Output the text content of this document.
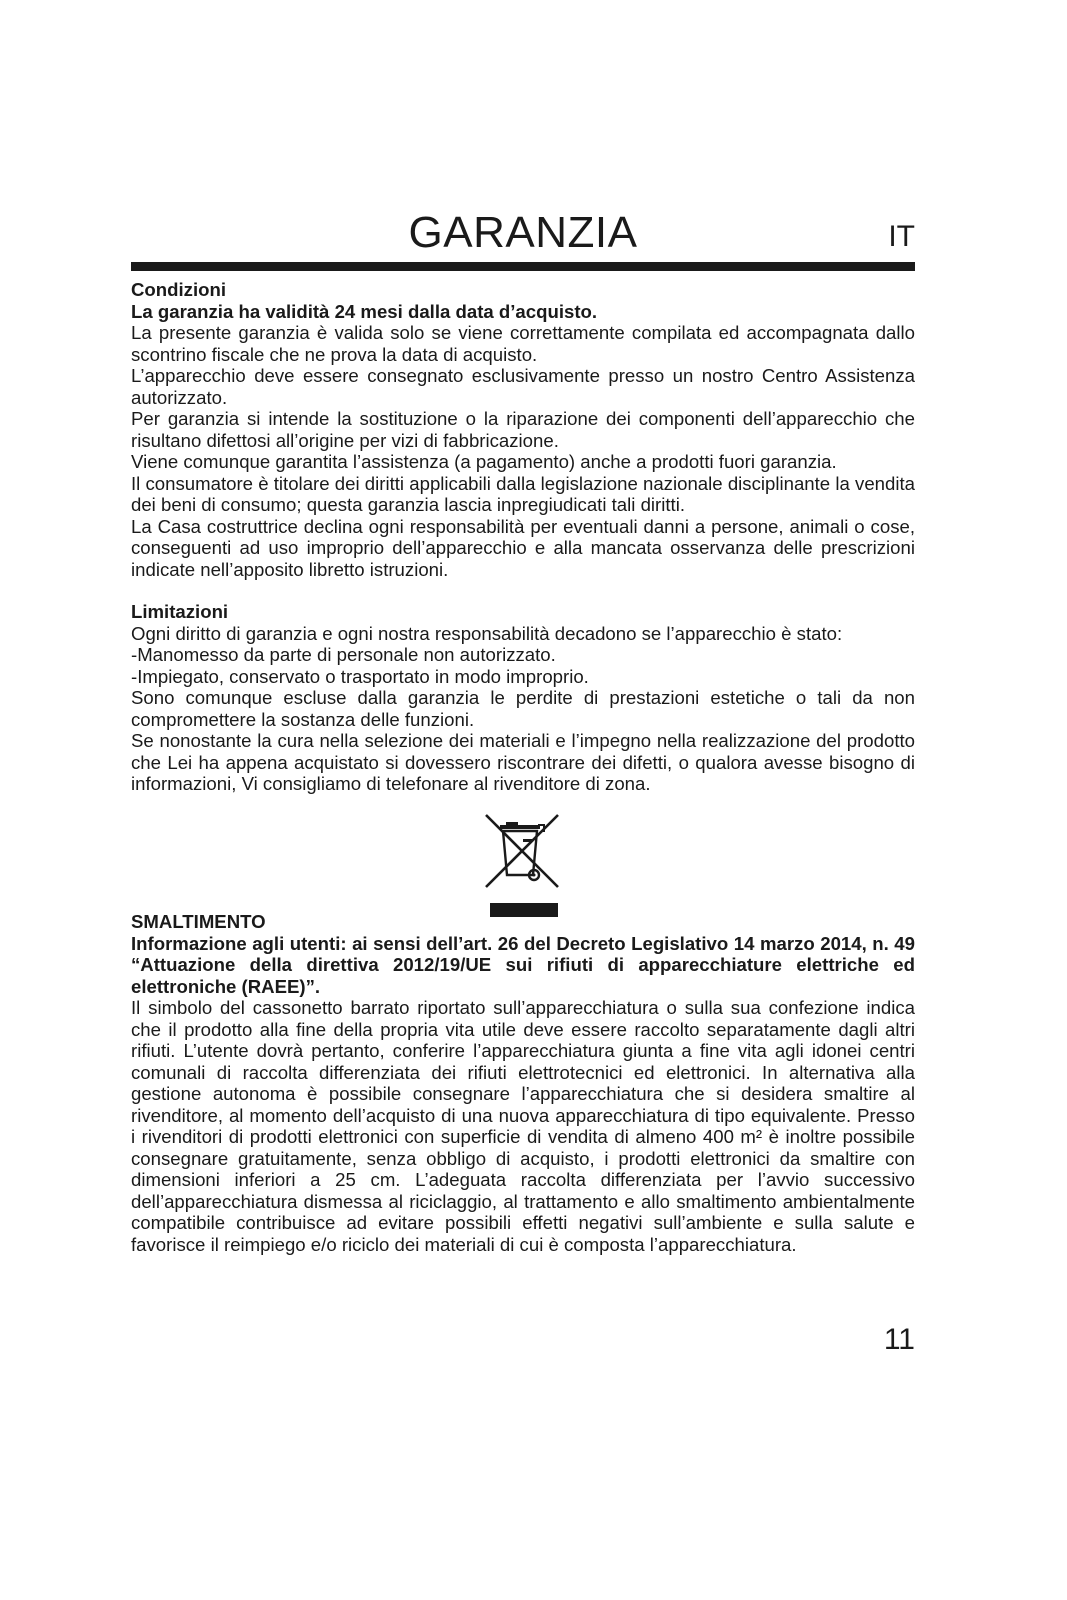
GARANZIA	IT

Condizioni

La garanzia ha validità 24 mesi dalla data d’acquisto.

La presente garanzia è valida solo se viene correttamente compilata ed accompagnata dallo scontrino fiscale che ne prova la data di acquisto.

L’apparecchio deve essere consegnato esclusivamente presso un nostro Centro Assistenza autorizzato.

Per garanzia si intende la sostituzione o la riparazione dei componenti dell’apparecchio che risultano difettosi all’origine per vizi di fabbricazione.

Viene comunque garantita l’assistenza (a pagamento) anche a prodotti fuori garanzia.

Il consumatore è titolare dei diritti applicabili dalla legislazione nazionale disciplinante la vendita dei beni di consumo; questa garanzia lascia inpregiudicati tali diritti.

La Casa costruttrice declina ogni responsabilità per eventuali danni a persone, animali o cose, conseguenti ad uso improprio dell’apparecchio e alla mancata osservanza delle prescrizioni indicate nell’apposito libretto istruzioni.

Limitazioni

Ogni diritto di garanzia e ogni nostra responsabilità decadono se l’apparecchio è stato:

-Manomesso da parte di personale non autorizzato.

-Impiegato, conservato o trasportato in modo improprio.

Sono comunque escluse dalla garanzia le perdite di prestazioni estetiche o tali da non compromettere la sostanza delle funzioni.

Se nonostante la cura nella selezione dei materiali e l’impegno nella realizzazione del prodotto che Lei ha appena acquistato si dovessero riscontrare dei difetti, o qualora avesse bisogno di informazioni, Vi consigliamo di telefonare al rivenditore di zona.

SMALTIMENTO

Informazione agli utenti: ai sensi dell’art. 26 del Decreto Legislativo 14 marzo 2014, n. 49 “Attuazione della direttiva 2012/19/UE sui rifiuti di apparecchiature elettriche ed elettroniche (RAEE)”.

Il simbolo del cassonetto barrato riportato sull’apparecchiatura o sulla sua confezione indica che il prodotto alla fine della propria vita utile deve essere raccolto separatamente dagli altri rifiuti. L’utente dovrà pertanto, conferire l’apparecchiatura giunta a fine vita agli idonei centri comunali di raccolta differenziata dei rifiuti elettrotecnici ed elettronici. In alternativa alla gestione autonoma è possibile consegnare l’apparecchiatura che si desidera smaltire al rivenditore, al momento dell’acquisto di una nuova apparecchiatura di tipo equivalente. Presso i rivenditori di prodotti elettronici con superficie di vendita di almeno 400 m² è inoltre possibile consegnare gratuitamente, senza obbligo di acquisto, i prodotti elettronici da smaltire con dimensioni inferiori a 25 cm. L’adeguata raccolta differenziata per l’avvio successivo dell’apparecchiatura dismessa al riciclaggio, al trattamento e allo smaltimento ambientalmente compatibile contribuisce ad evitare possibili effetti negativi sull’ambiente e sulla salute e favorisce il reimpiego e/o riciclo dei materiali di cui è composta l’apparecchiatura.

11
